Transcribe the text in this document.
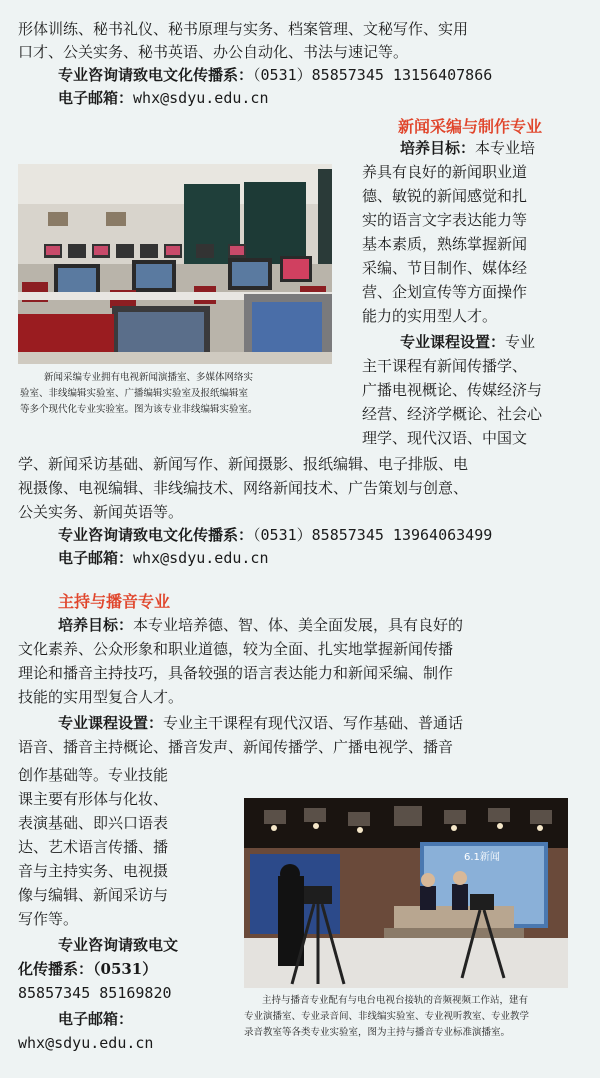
形体训练、秘书礼仪、秘书原理与实务、档案管理、文秘写作、实用
口才、公关实务、秘书英语、办公自动化、书法与速记等。
专业咨询请致电文化传播系：（0531）85857345 13156407866
电子邮箱：whx@sdyu.edu.cn
新闻采编与制作专业
培养目标：本专业培
养具有良好的新闻职业道
德、敏锐的新闻感觉和扎
实的语言文字表达能力等
基本素质，熟练掌握新闻
采编、节目制作、媒体经
营、企划宣传等方面操作
能力的实用型人才。
专业课程设置：专业
主干课程有新闻传播学、
广播电视概论、传媒经济与
经营、经济学概论、社会心
理学、现代汉语、中国文
新闻采编专业拥有电视新闻演播室、多媒体网络实
验室、非线编辑实验室、广播编辑实验室及报纸编辑室
等多个现代化专业实验室。图为该专业非线编辑实验室。
学、新闻采访基础、新闻写作、新闻摄影、报纸编辑、电子排版、电
视摄像、电视编辑、非线编技术、网络新闻技术、广告策划与创意、
公关实务、新闻英语等。
专业咨询请致电文化传播系：（0531）85857345 13964063499
电子邮箱：whx@sdyu.edu.cn
主持与播音专业
培养目标：本专业培养德、智、体、美全面发展，具有良好的
文化素养、公众形象和职业道德，较为全面、扎实地掌握新闻传播
理论和播音主持技巧，具备较强的语言表达能力和新闻采编、制作
技能的实用型复合人才。
专业课程设置：专业主干课程有现代汉语、写作基础、普通话
语音、播音主持概论、播音发声、新闻传播学、广播电视学、播音
创作基础等。专业技能
课主要有形体与化妆、
表演基础、即兴口语表
达、艺术语言传播、播
音与主持实务、电视摄
像与编辑、新闻采访与
写作等。
专业咨询请致电文
化传播系：（0531）
85857345 85169820
电子邮箱：
whx@sdyu.edu.cn
6.1新闻
主持与播音专业配有与电台电视台接轨的音频视频工作站，建有
专业演播室、专业录音间、非线编实验室、专业视听教室、专业教学
录音教室等各类专业实验室，图为主持与播音专业标准演播室。
